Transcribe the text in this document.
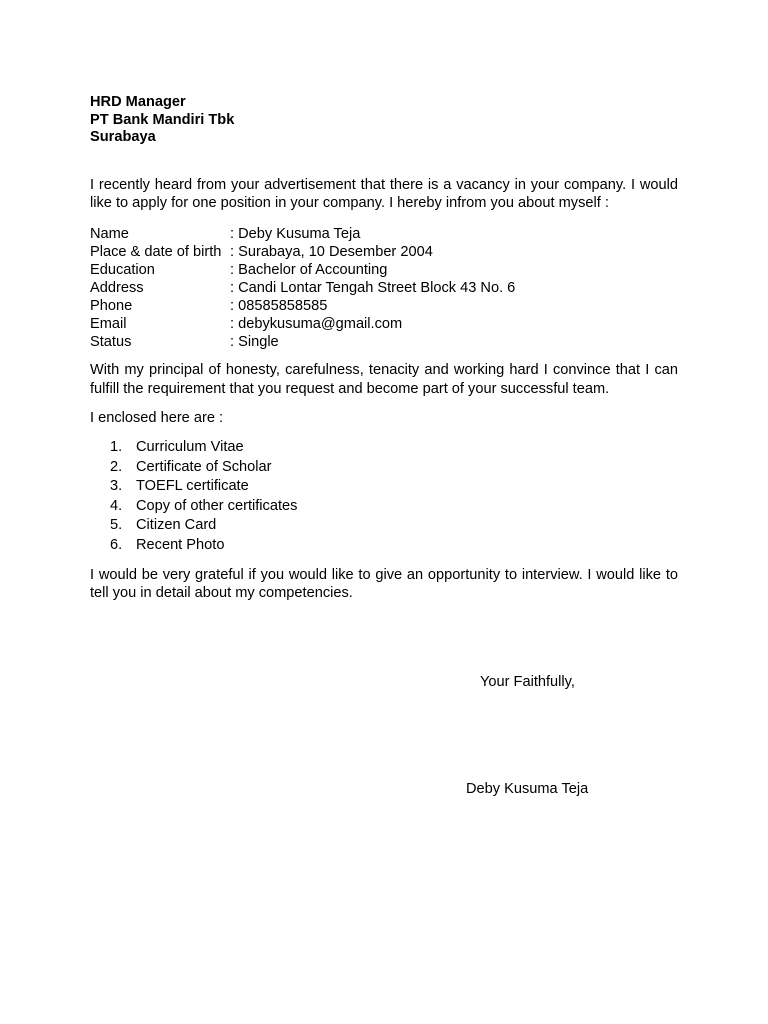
HRD Manager
PT Bank Mandiri Tbk
Surabaya
I recently heard from your advertisement that there is a vacancy in your company. I would like to apply for one position in your company. I hereby infrom you about myself :
Name	: Deby Kusuma Teja
Place & date of birth : Surabaya, 10 Desember 2004
Education	: Bachelor of Accounting
Address	: Candi Lontar Tengah Street Block 43 No. 6
Phone	: 08585858585
Email	: debykusuma@gmail.com
Status	: Single
With my principal of honesty, carefulness, tenacity and working hard I convince that I can fulfill the requirement that you request and become part of your successful team.
I enclosed here are :
1. Curriculum Vitae
2. Certificate of Scholar
3. TOEFL certificate
4. Copy of other certificates
5. Citizen Card
6. Recent Photo
I would be very grateful if you would like to give an opportunity to interview. I would like to tell you in detail about my competencies.
Your Faithfully,
Deby Kusuma Teja
